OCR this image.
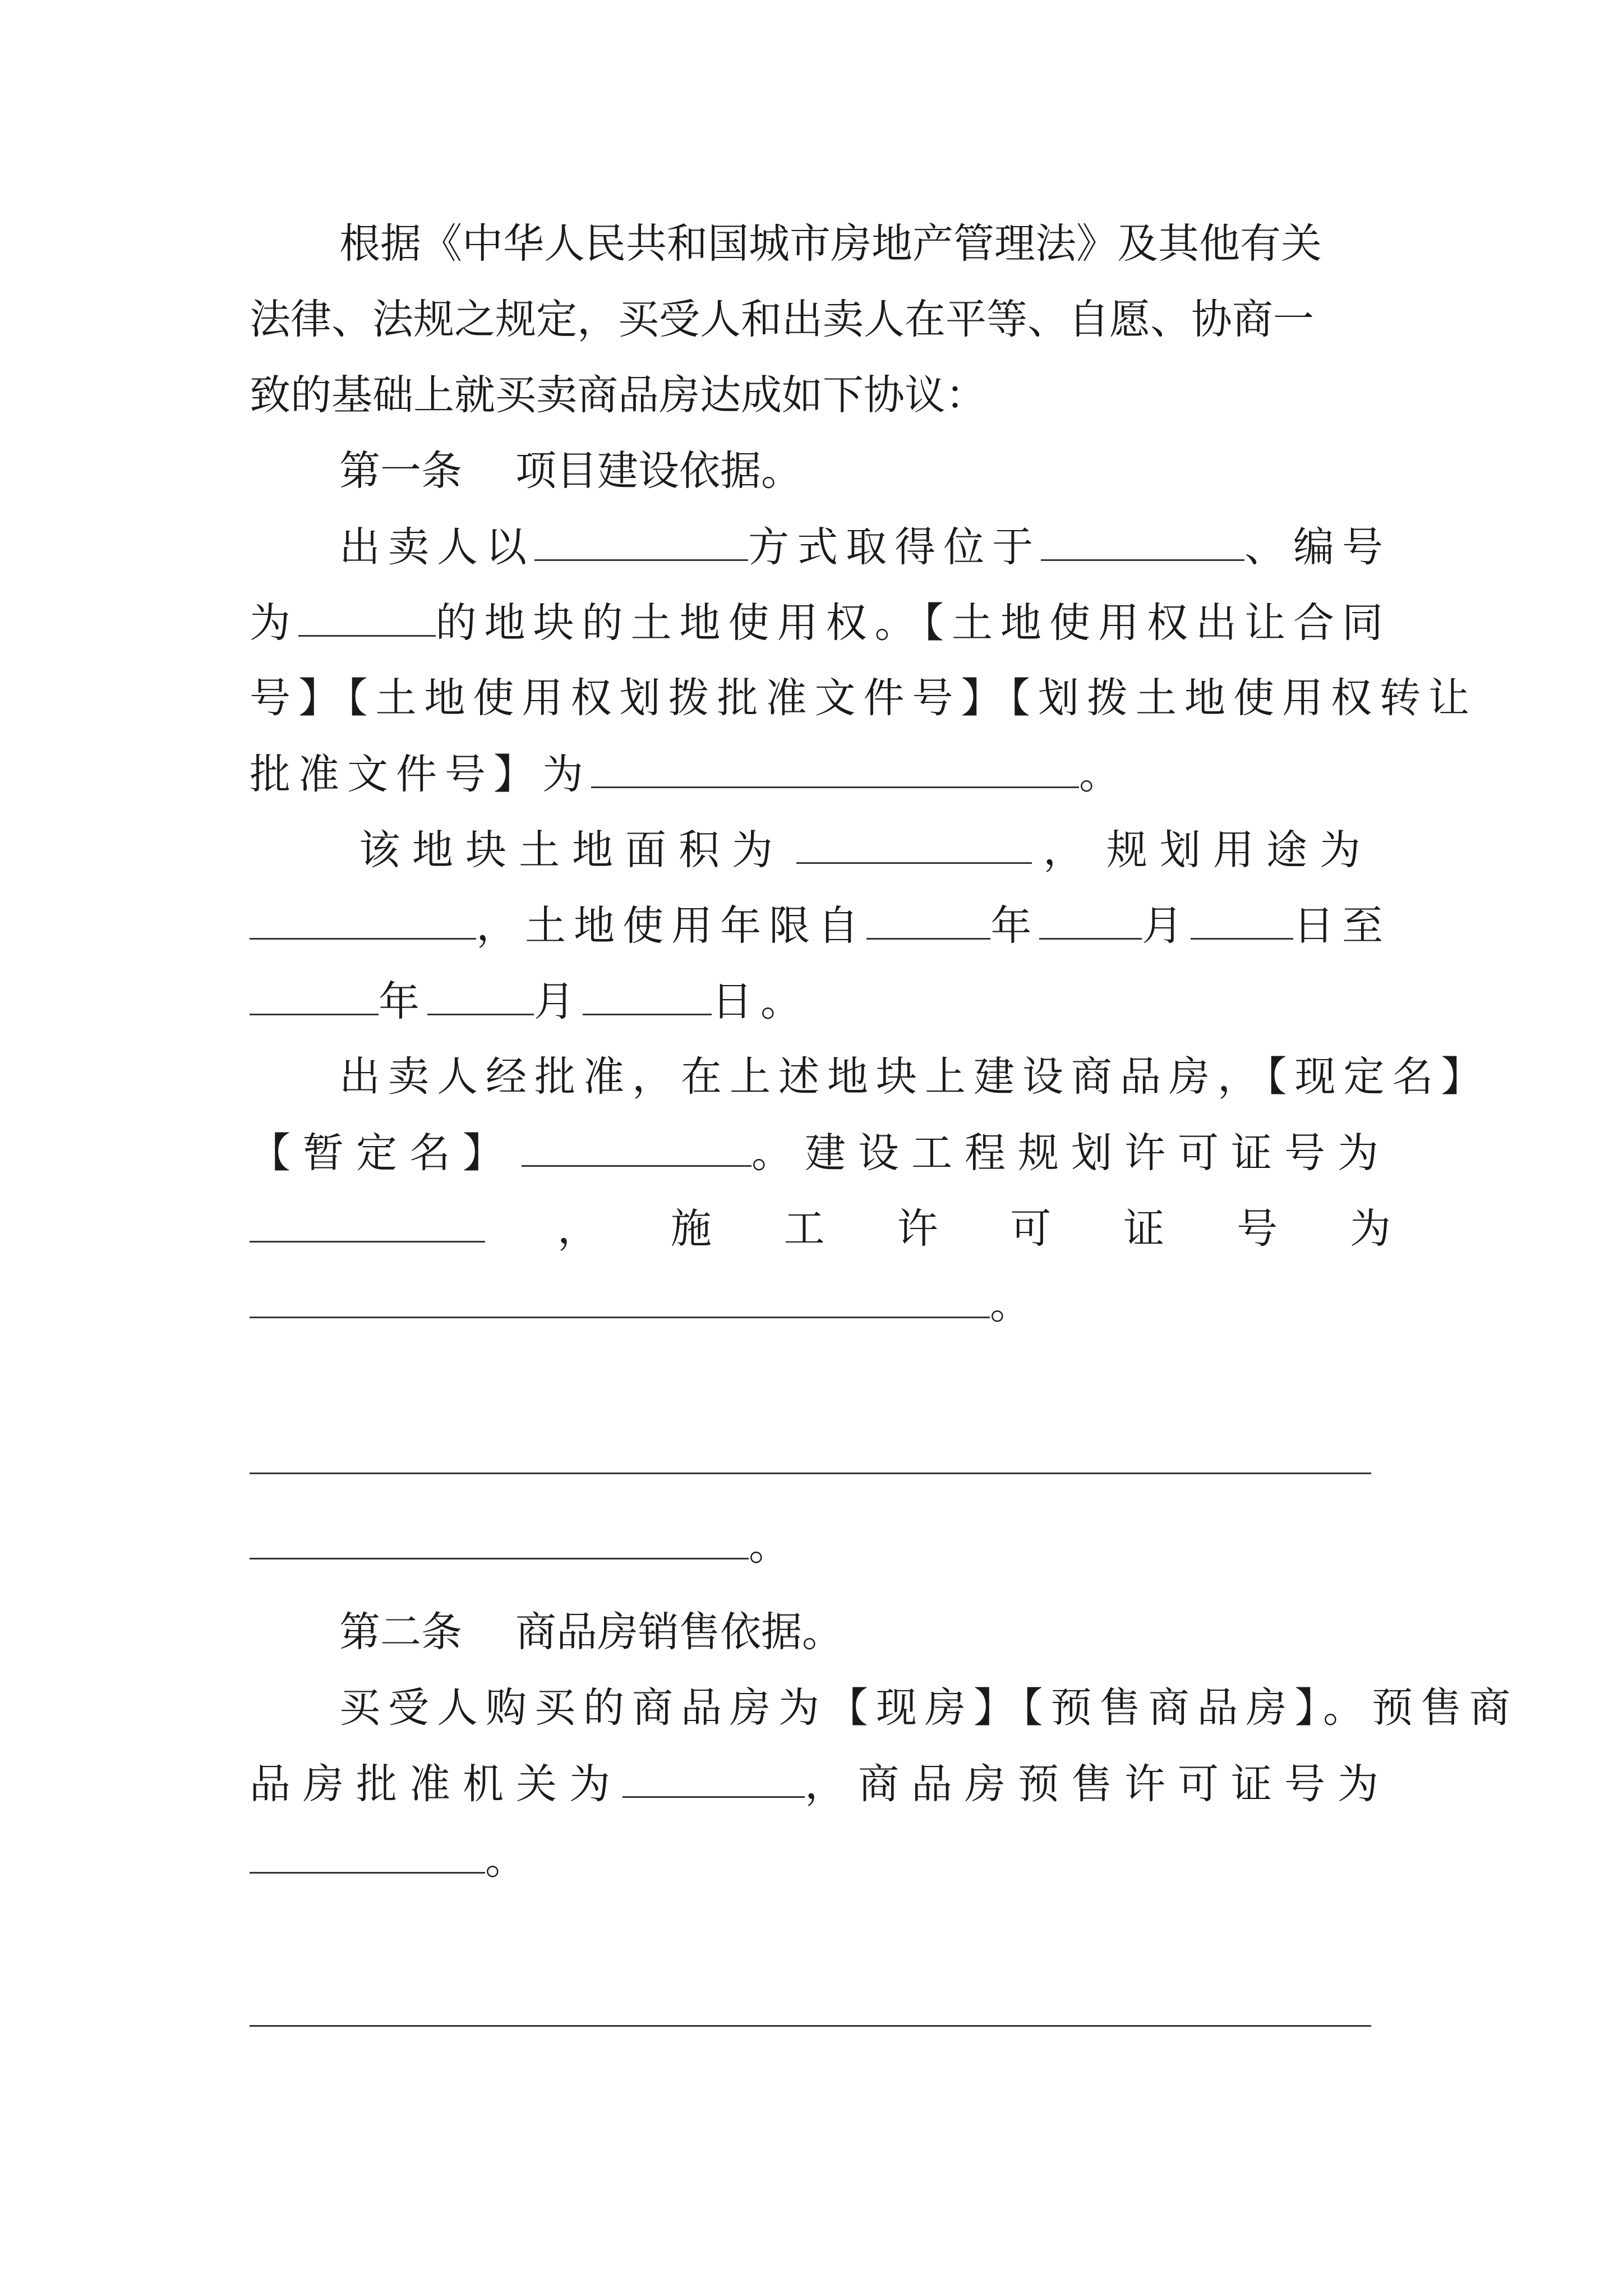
根据《中华人民共和国城市房地产管理法》及其他有关
法律、法规之规定，买受人和出卖人在平等、自愿、协商一
致的基础上就买卖商品房达成如下协议：
第一条 项目建设依据。
出卖人以	方式取得位于	、编号
为	的地块的土地使用权。【土地使用权出让合同
号】【土地使用权划拨批准文件号】【划拨土地使用权转让
批准文件号】为	。
该地块土地面积为	， 规划用途为
，土地使用年限自	年	月	日至
年	月	日。
出卖人经批准，在上述地块上建设商品房，【现定名】
【暂定名】	。建设工程规划许可证号为
， 施 工 许 可 证 号 为
。
。
第二条 商品房销售依据。
买受人购买的商品房为【现房】【预售商品房】。预售商
品房批准机关为	，商品房预售许可证号为
。
